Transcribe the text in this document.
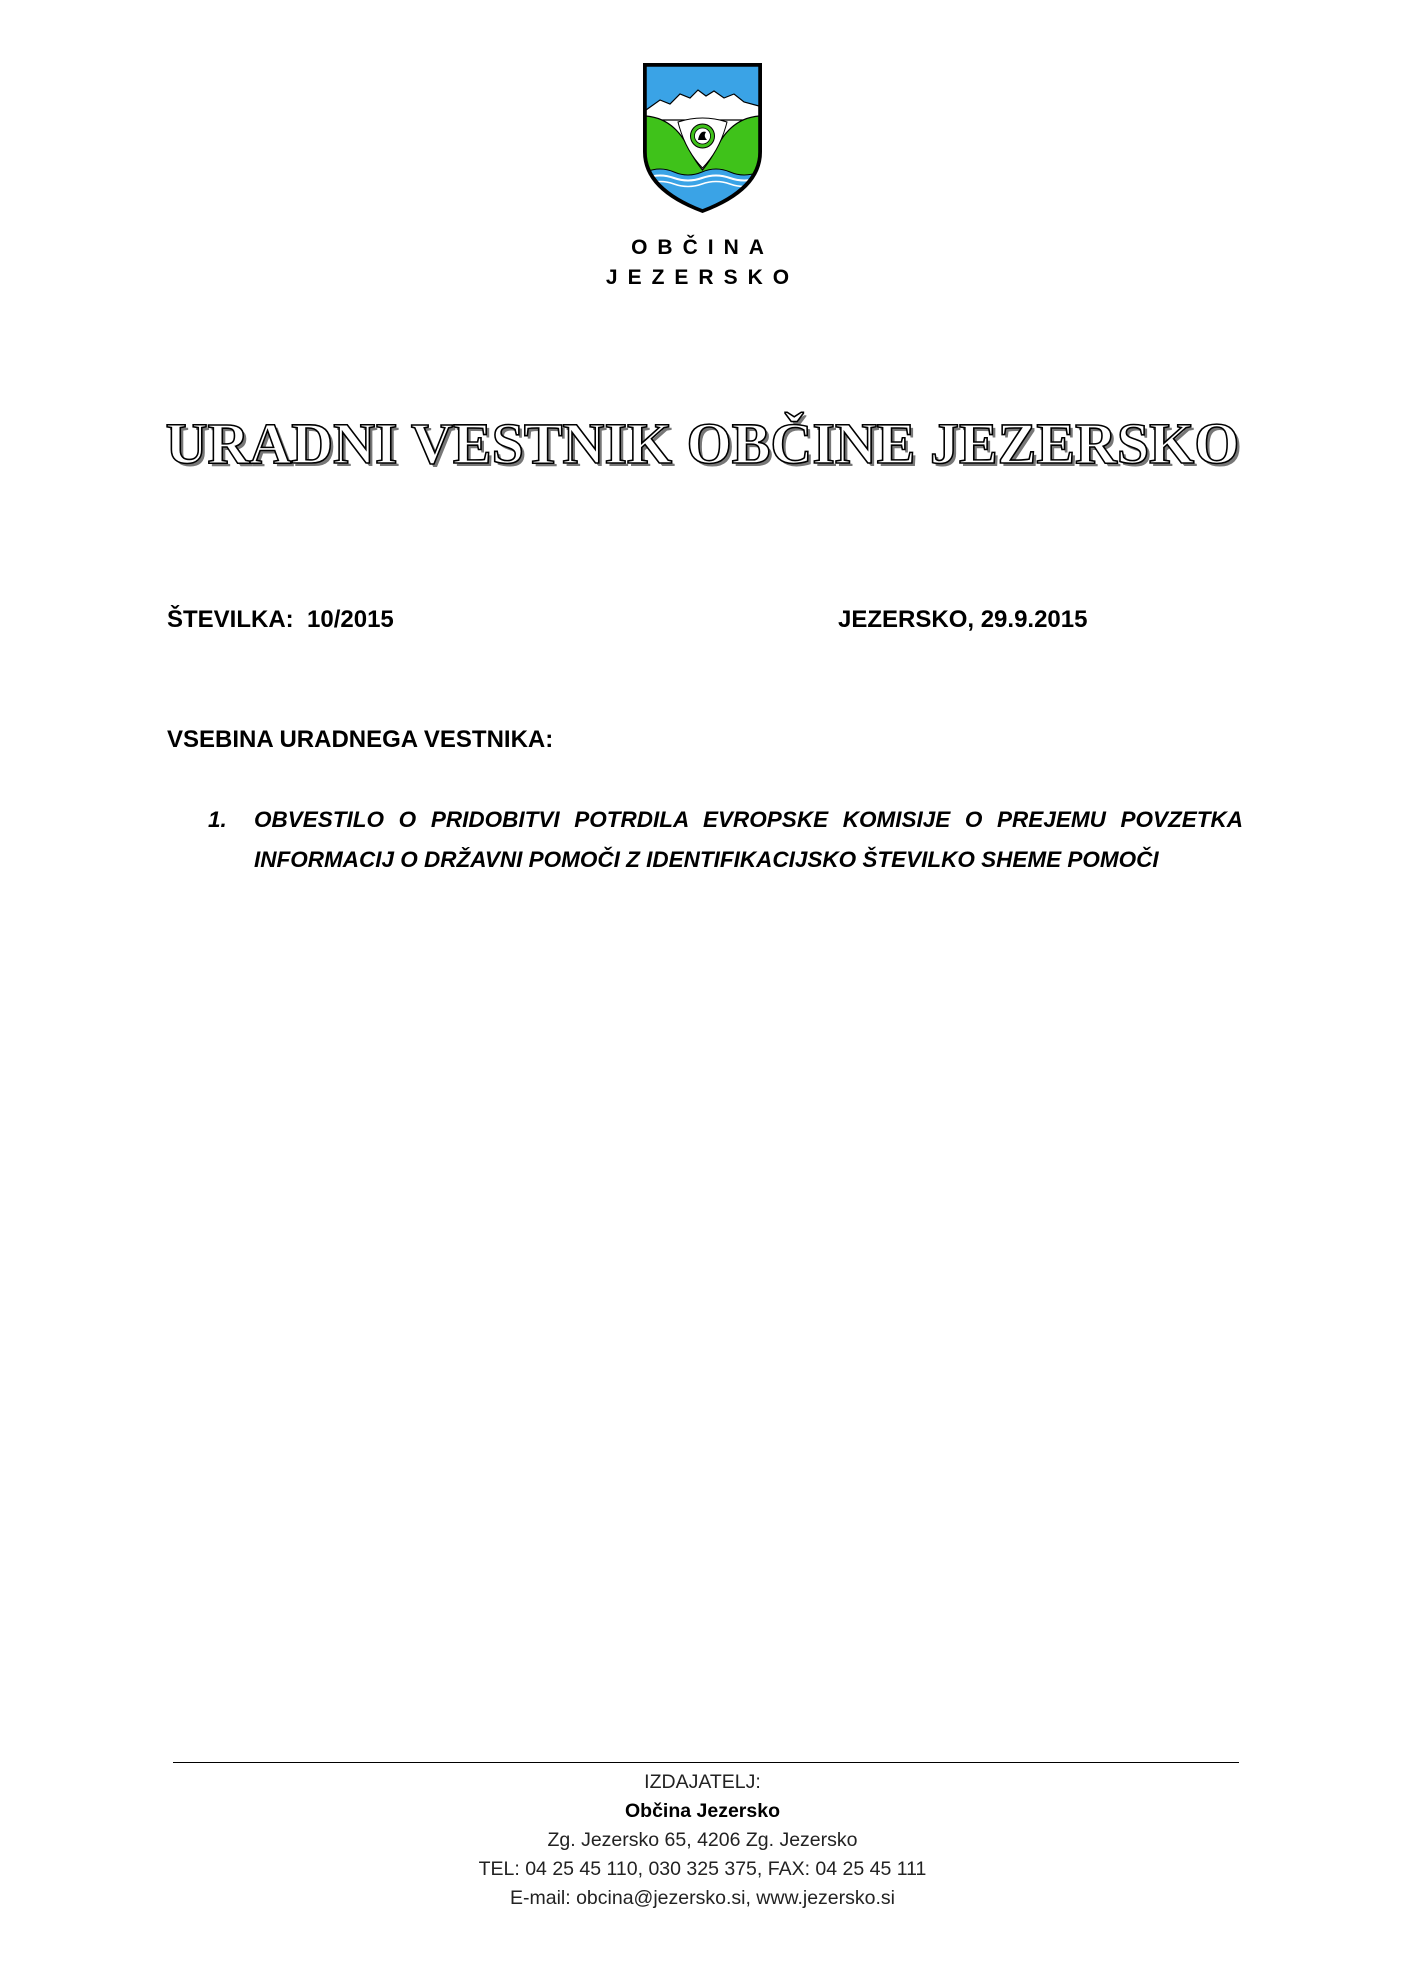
OBČINA
JEZERSKO
URADNI VESTNIK OBČINE JEZERSKO
ŠTEVILKA:  10/2015	JEZERSKO, 29.9.2015
VSEBINA URADNEGA VESTNIKA:
1.	OBVESTILO O PRIDOBITVI POTRDILA EVROPSKE KOMISIJE O PREJEMU POVZETKA INFORMACIJ O DRŽAVNI POMOČI Z IDENTIFIKACIJSKO ŠTEVILKO SHEME POMOČI
IZDAJATELJ:
Občina Jezersko
Zg. Jezersko 65, 4206 Zg. Jezersko
TEL: 04 25 45 110, 030 325 375, FAX: 04 25 45 111
E-mail: obcina@jezersko.si, www.jezersko.si
